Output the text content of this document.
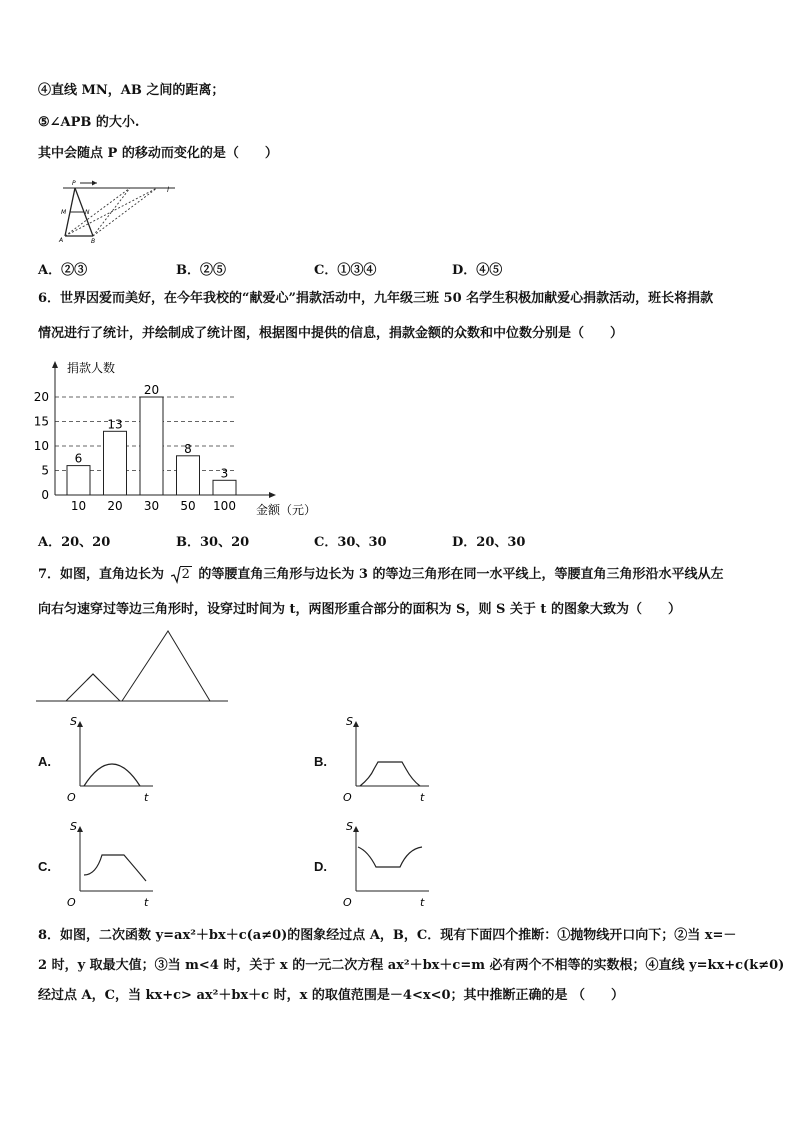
④直线 MN，AB 之间的距离；
⑤∠APB 的大小.
其中会随点 P 的移动而变化的是（　　）
P
l
M	N
A	B
A．②③	B．②⑤	C．①③④	D．④⑤
6．世界因爱而美好，在今年我校的“献爱心”捐款活动中，九年级三班 50 名学生积极加献爱心捐款活动，班长将捐款
情况进行了统计，并绘制成了统计图，根据图中提供的信息，捐款金额的众数和中位数分别是（　　）
0
5
10
15
20
6
10
13
20
20
30
8
50
3
100
捐款人数
金额（元）
A．20、20	B．30、20	C．30、30	D．20、30
7．如图，直角边长为 2 的等腰直角三角形与边长为 3 的等边三角形在同一水平线上，等腰直角三角形沿水平线从左
向右匀速穿过等边三角形时，设穿过时间为 t，两图形重合部分的面积为 S，则 S 关于 t 的图象大致为（　　）
A.
S
O	t
B.
S
O	t
C.
S
O	t
D.
S
O	t
8．如图，二次函数 y=ax²＋bx＋c(a≠0)的图象经过点 A，B，C．现有下面四个推断：①抛物线开口向下；②当 x=－
2 时，y 取最大值；③当 m<4 时，关于 x 的一元二次方程 ax²＋bx＋c=m 必有两个不相等的实数根；④直线 y=kx+c(k≠0)
经过点 A，C，当 kx+c> ax²＋bx＋c 时，x 的取值范围是－4<x<0；其中推断正确的是 （　　）
